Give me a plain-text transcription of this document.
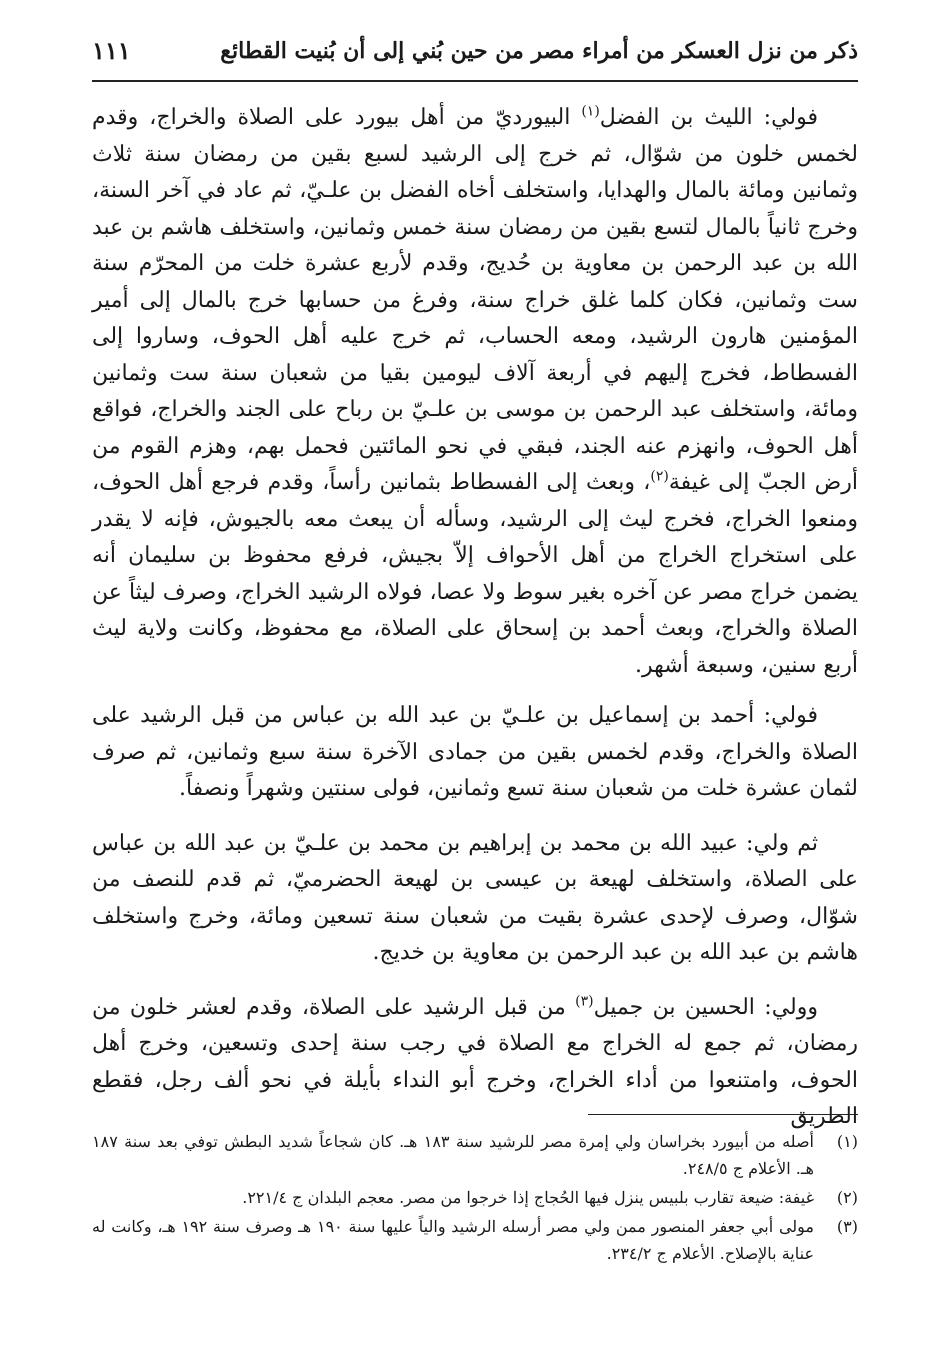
ذكر من نزل العسكر من أمراء مصر من حين بُني إلى أن بُنيت القطائع
١١١

فولي: الليث بن الفضل$^{(١)}$ البيورديّ من أهل بيورد على الصلاة والخراج، وقدم لخمس خلون من شوّال، ثم خرج إلى الرشيد لسبع بقين من رمضان سنة ثلاث وثمانين ومائة بالمال والهدايا، واستخلف أخاه الفضل بن علـيّ، ثم عاد في آخر السنة، وخرج ثانياً بالمال لتسع بقين من رمضان سنة خمس وثمانين، واستخلف هاشم بن عبد الله بن عبد الرحمن بن معاوية بن حُديج، وقدم لأربع عشرة خلت من المحرّم سنة ست وثمانين، فكان كلما غلق خراج سنة، وفرغ من حسابها خرج بالمال إلى أمير المؤمنين هارون الرشيد، ومعه الحساب، ثم خرج عليه أهل الحوف، وساروا إلى الفسطاط، فخرج إليهم في أربعة آلاف ليومين بقيا من شعبان سنة ست وثمانين ومائة، واستخلف عبد الرحمن بن موسى بن علـيّ بن رباح على الجند والخراج، فواقع أهل الحوف، وانهزم عنه الجند، فبقي في نحو المائتين فحمل بهم، وهزم القوم من أرض الجبّ إلى غيفة$^{(٢)}$، وبعث إلى الفسطاط بثمانين رأساً، وقدم فرجع أهل الحوف، ومنعوا الخراج، فخرج ليث إلى الرشيد، وسأله أن يبعث معه بالجيوش، فإنه لا يقدر على استخراج الخراج من أهل الأحواف إلاّ بجيش، فرفع محفوظ بن سليمان أنه يضمن خراج مصر عن آخره بغير سوط ولا عصا، فولاه الرشيد الخراج، وصرف ليثاً عن الصلاة والخراج، وبعث أحمد بن إسحاق على الصلاة، مع محفوظ، وكانت ولاية ليث أربع سنين، وسبعة أشهر.

فولي: أحمد بن إسماعيل بن علـيّ بن عبد الله بن عباس من قبل الرشيد على الصلاة والخراج، وقدم لخمس بقين من جمادى الآخرة سنة سبع وثمانين، ثم صرف لثمان عشرة خلت من شعبان سنة تسع وثمانين، فولى سنتين وشهراً ونصفاً.

ثم ولي: عبيد الله بن محمد بن إبراهيم بن محمد بن علـيّ بن عبد الله بن عباس على الصلاة، واستخلف لهيعة بن عيسى بن لهيعة الحضرميّ، ثم قدم للنصف من شوّال، وصرف لإحدى عشرة بقيت من شعبان سنة تسعين ومائة، وخرج واستخلف هاشم بن عبد الله بن عبد الرحمن بن معاوية بن خديج.

وولي: الحسين بن جميل$^{(٣)}$ من قبل الرشيد على الصلاة، وقدم لعشر خلون من رمضان، ثم جمع له الخراج مع الصلاة في رجب سنة إحدى وتسعين، وخرج أهل الحوف، وامتنعوا من أداء الخراج، وخرج أبو النداء بأيلة في نحو ألف رجل، فقطع الطريق

(١)
أصله من أبيورد بخراسان ولي إمرة مصر للرشيد سنة ١٨٣ هـ. كان شجاعاً شديد البطش توفي بعد سنة ١٨٧ هـ. الأعلام ج ٢٤٨/٥.
(٢)
غيفة: ضيعة تقارب بلبيس ينزل فيها الحُجاج إذا خرجوا من مصر. معجم البلدان ج ٢٢١/٤.
(٣)
مولى أبي جعفر المنصور ممن ولي مصر أرسله الرشيد والياً عليها سنة ١٩٠ هـ وصرف سنة ١٩٢ هـ، وكانت له عناية بالإصلاح. الأعلام ج ٢٣٤/٢.
